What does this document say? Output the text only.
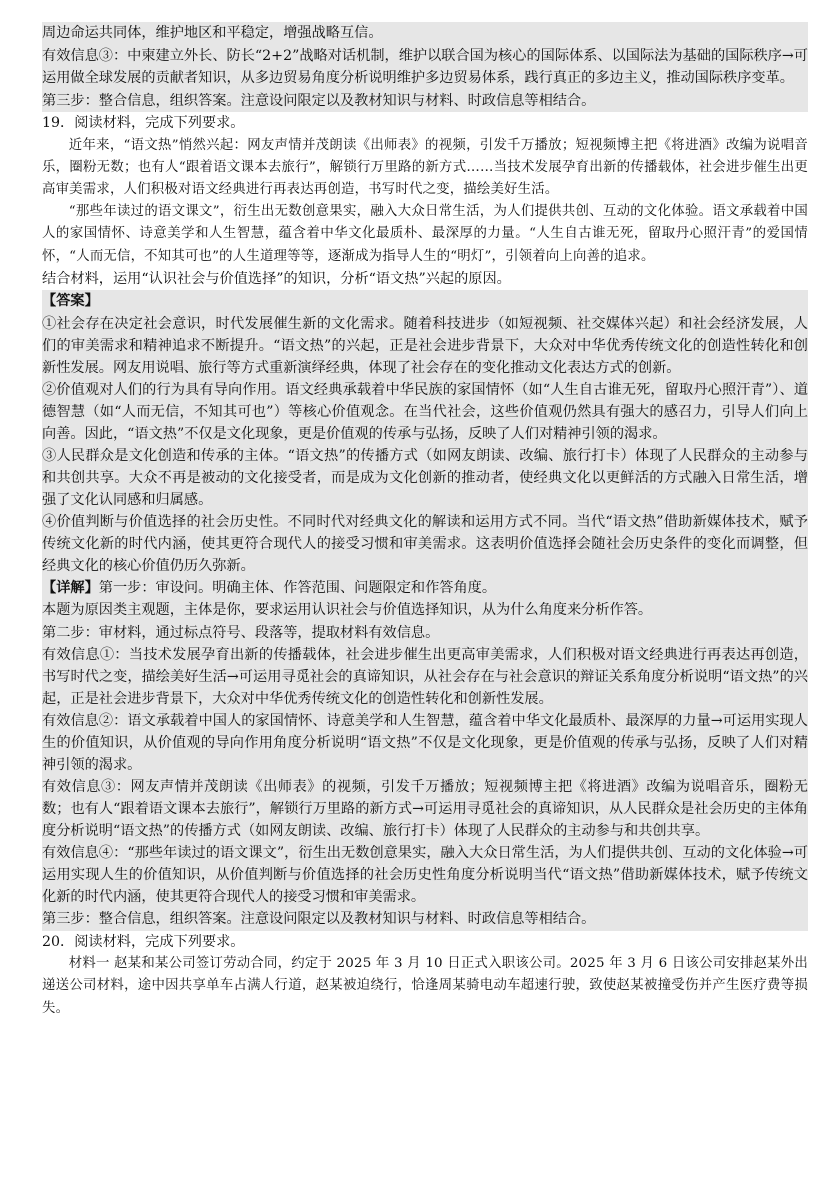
周边命运共同体，维护地区和平稳定，增强战略互信。

有效信息③：中柬建立外长、防长“2+2”战略对话机制，维护以联合国为核心的国际体系、以国际法为基础的国际秩序→可运用做全球发展的贡献者知识，从多边贸易角度分析说明维护多边贸易体系，践行真正的多边主义，推动国际秩序变革。

第三步：整合信息，组织答案。注意设问限定以及教材知识与材料、时政信息等相结合。

19．阅读材料，完成下列要求。

近年来，“语文热”悄然兴起：网友声情并茂朗读《出师表》的视频，引发千万播放；短视频博主把《将进酒》改编为说唱音乐，圈粉无数；也有人“跟着语文课本去旅行”，解锁行万里路的新方式……当技术发展孕育出新的传播载体，社会进步催生出更高审美需求，人们积极对语文经典进行再表达再创造，书写时代之变，描绘美好生活。

“那些年读过的语文课文”，衍生出无数创意果实，融入大众日常生活，为人们提供共创、互动的文化体验。语文承载着中国人的家国情怀、诗意美学和人生智慧，蕴含着中华文化最质朴、最深厚的力量。“人生自古谁无死，留取丹心照汗青”的爱国情怀，“人而无信，不知其可也”的人生道理等等，逐渐成为指导人生的“明灯”，引领着向上向善的追求。

结合材料，运用“认识社会与价值选择”的知识，分析“语文热”兴起的原因。

【答案】

①社会存在决定社会意识，时代发展催生新的文化需求。随着科技进步（如短视频、社交媒体兴起）和社会经济发展，人们的审美需求和精神追求不断提升。“语文热”的兴起，正是社会进步背景下，大众对中华优秀传统文化的创造性转化和创新性发展。网友用说唱、旅行等方式重新演绎经典，体现了社会存在的变化推动文化表达方式的创新。

②价值观对人们的行为具有导向作用。语文经典承载着中华民族的家国情怀（如“人生自古谁无死，留取丹心照汗青”）、道德智慧（如“人而无信，不知其可也”）等核心价值观念。在当代社会，这些价值观仍然具有强大的感召力，引导人们向上向善。因此，“语文热”不仅是文化现象，更是价值观的传承与弘扬，反映了人们对精神引领的渴求。

③人民群众是文化创造和传承的主体。“语文热”的传播方式（如网友朗读、改编、旅行打卡）体现了人民群众的主动参与和共创共享。大众不再是被动的文化接受者，而是成为文化创新的推动者，使经典文化以更鲜活的方式融入日常生活，增强了文化认同感和归属感。

④价值判断与价值选择的社会历史性。不同时代对经典文化的解读和运用方式不同。当代“语文热”借助新媒体技术，赋予传统文化新的时代内涵，使其更符合现代人的接受习惯和审美需求。这表明价值选择会随社会历史条件的变化而调整，但经典文化的核心价值仍历久弥新。

【详解】第一步：审设问。明确主体、作答范围、问题限定和作答角度。

本题为原因类主观题，主体是你，要求运用认识社会与价值选择知识，从为什么角度来分析作答。

第二步：审材料，通过标点符号、段落等，提取材料有效信息。

有效信息①：当技术发展孕育出新的传播载体，社会进步催生出更高审美需求，人们积极对语文经典进行再表达再创造，书写时代之变，描绘美好生活→可运用寻觅社会的真谛知识，从社会存在与社会意识的辩证关系角度分析说明“语文热”的兴起，正是社会进步背景下，大众对中华优秀传统文化的创造性转化和创新性发展。

有效信息②：语文承载着中国人的家国情怀、诗意美学和人生智慧，蕴含着中华文化最质朴、最深厚的力量→可运用实现人生的价值知识，从价值观的导向作用角度分析说明“语文热”不仅是文化现象，更是价值观的传承与弘扬，反映了人们对精神引领的渴求。

有效信息③：网友声情并茂朗读《出师表》的视频，引发千万播放；短视频博主把《将进酒》改编为说唱音乐，圈粉无数；也有人“跟着语文课本去旅行”，解锁行万里路的新方式→可运用寻觅社会的真谛知识，从人民群众是社会历史的主体角度分析说明“语文热”的传播方式（如网友朗读、改编、旅行打卡）体现了人民群众的主动参与和共创共享。

有效信息④：“那些年读过的语文课文”，衍生出无数创意果实，融入大众日常生活，为人们提供共创、互动的文化体验→可运用实现人生的价值知识，从价值判断与价值选择的社会历史性角度分析说明当代“语文热”借助新媒体技术，赋予传统文化新的时代内涵，使其更符合现代人的接受习惯和审美需求。

第三步：整合信息，组织答案。注意设问限定以及教材知识与材料、时政信息等相结合。

20．阅读材料，完成下列要求。

材料一 赵某和某公司签订劳动合同，约定于 2025 年 3 月 10 日正式入职该公司。2025 年 3 月 6 日该公司安排赵某外出递送公司材料，途中因共享单车占满人行道，赵某被迫绕行，恰逢周某骑电动车超速行驶，致使赵某被撞受伤并产生医疗费等损失。
